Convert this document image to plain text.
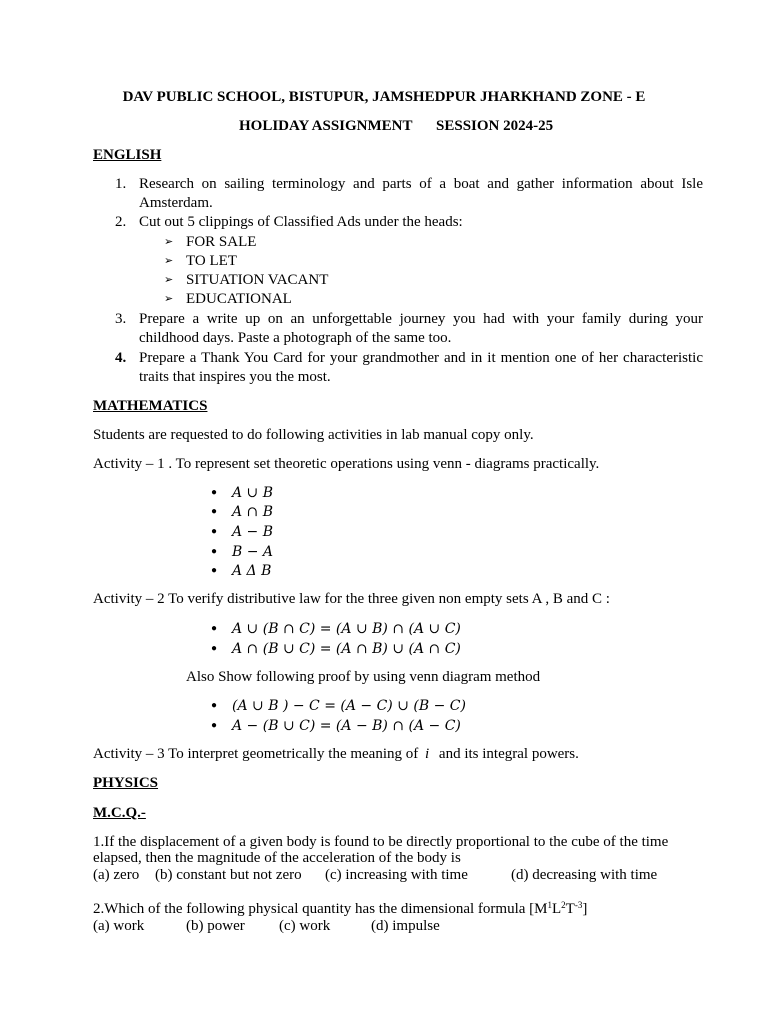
DAV PUBLIC SCHOOL, BISTUPUR, JAMSHEDPUR JHARKHAND ZONE - E
HOLIDAY ASSIGNMENT SESSION 2024-25
ENGLISH
1. Research on sailing terminology and parts of a boat and gather information about Isle
Amsterdam.
2. Cut out 5 clippings of Classified Ads under the heads:
➢ FOR SALE
➢ TO LET
➢ SITUATION VACANT
➢ EDUCATIONAL
3. Prepare a write up on an unforgettable journey you had with your family during your
childhood days. Paste a photograph of the same too.
4. Prepare a Thank You Card for your grandmother and in it mention one of her characteristic
traits that inspires you the most.
MATHEMATICS
Students are requested to do following activities in lab manual copy only.
Activity – 1 . To represent set theoretic operations using venn - diagrams practically.
● A ∪ B
● A ∩ B
● A − B
● B − A
● A Δ B
Activity – 2 To verify distributive law for the three given non empty sets A , B and C :
● A ∪ (B ∩ C) = (A ∪ B) ∩ (A ∪ C)
● A ∩ (B ∪ C) = (A ∩ B) ∪ (A ∩ C)
Also Show following proof by using venn diagram method
● (A ∪ B ) − C = (A − C) ∪ (B − C)
● A − (B ∪ C) = (A − B) ∩ (A − C)
Activity – 3 To interpret geometrically the meaning of i and its integral powers.
PHYSICS
M.C.Q.-
1.If the displacement of a given body is found to be directly proportional to the cube of the time
elapsed, then the magnitude of the acceleration of the body is
(a) zero (b) constant but not zero (c) increasing with time	(d) decreasing with time
2.Which of the following physical quantity has the dimensional formula $[M^1L^2T^{-3}]$
(a) work	(b) power (c) work	(d) impulse
